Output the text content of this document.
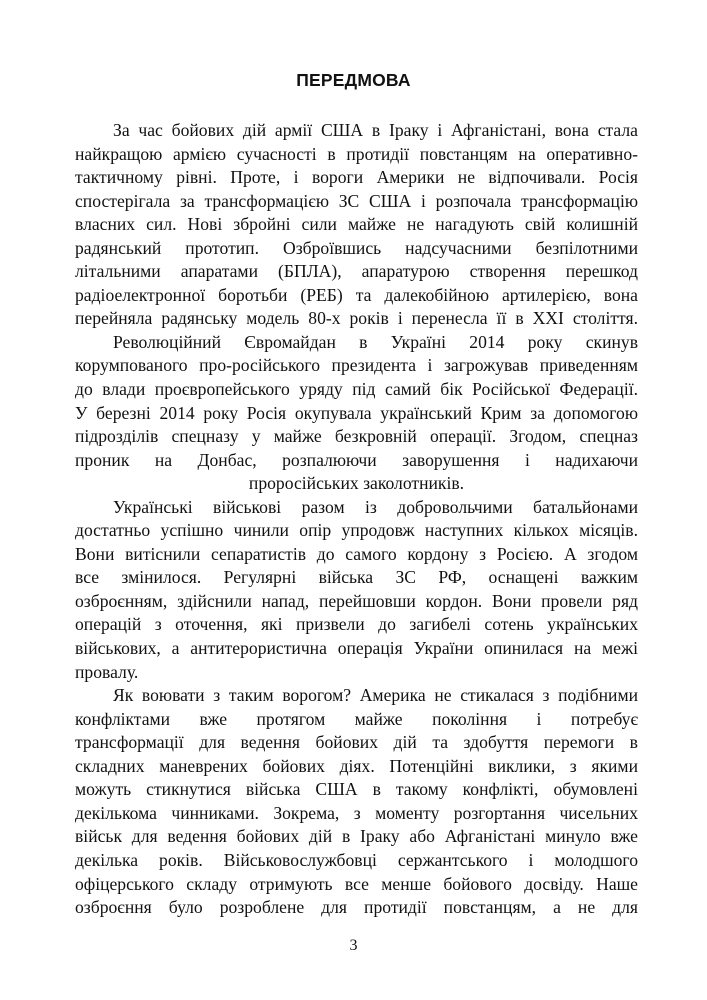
ПЕРЕДМОВА
За час бойових дій армії США в Іраку і Афганістані, вона стала
найкращою армією сучасності в протидії повстанцям на оперативно-
тактичному рівні. Проте, і вороги Америки не відпочивали. Росія
спостерігала за трансформацією ЗС США і розпочала трансформацію
власних сил. Нові збройні сили майже не нагадують свій колишній
радянський прототип. Озброївшись надсучасними безпілотними
літальними апаратами (БПЛА), апаратурою створення перешкод
радіоелектронної боротьби (РЕБ) та далекобійною артилерією, вона
перейняла радянську модель 80-х років і перенесла її в XXI століття.
Революційний Євромайдан в Україні 2014 року скинув
корумпованого про-російського президента і загрожував приведенням
до влади проєвропейського уряду під самий бік Російської Федерації.
У березні 2014 року Росія окупувала український Крим за допомогою
підрозділів спецназу у майже безкровній операції. Згодом, спецназ
проник на Донбас, розпалюючи заворушення і надихаючи
проросійських заколотників.
Українські військові разом із добровольчими батальйонами
достатньо успішно чинили опір упродовж наступних кількох місяців.
Вони витіснили сепаратистів до самого кордону з Росією. А згодом
все змінилося. Регулярні війська ЗС РФ, оснащені важким
озброєнням, здійснили напад, перейшовши кордон. Вони провели ряд
операцій з оточення, які призвели до загибелі сотень українських
військових, а антитерористична операція України опинилася на межі
провалу.
Як воювати з таким ворогом? Америка не стикалася з подібними
конфліктами вже протягом майже покоління і потребує
трансформації для ведення бойових дій та здобуття перемоги в
складних маневрених бойових діях. Потенційні виклики, з якими
можуть стикнутися війська США в такому конфлікті, обумовлені
декількома чинниками. Зокрема, з моменту розгортання чисельних
військ для ведення бойових дій в Іраку або Афганістані минуло вже
декілька років. Військовослужбовці сержантського і молодшого
офіцерського складу отримують все менше бойового досвіду. Наше
озброєння було розроблене для протидії повстанцям, а не для
3
